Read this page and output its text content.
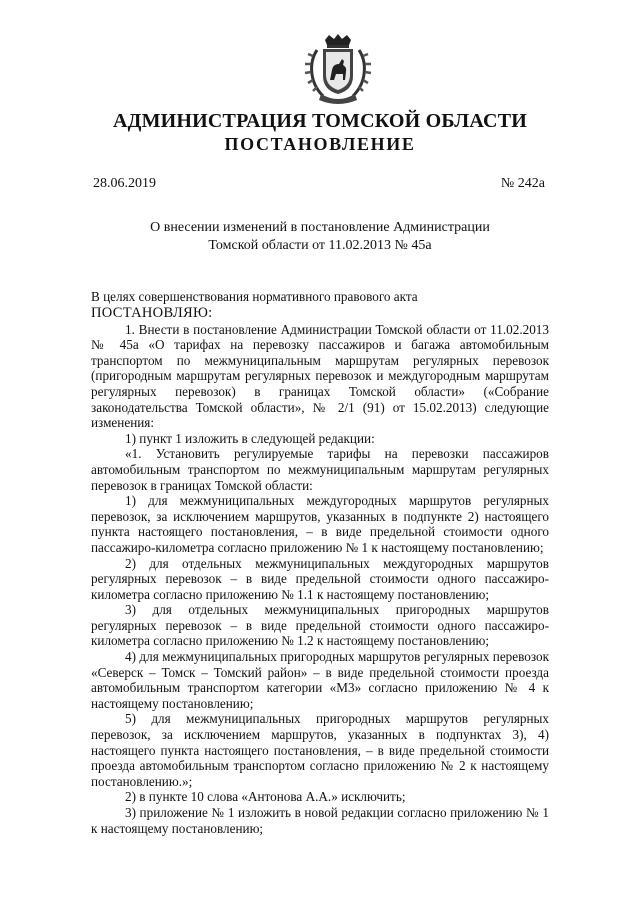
АДМИНИСТРАЦИЯ ТОМСКОЙ ОБЛАСТИ
ПОСТАНОВЛЕНИЕ
28.06.2019	№ 242а
О внесении изменений в постановление Администрации
Томской области от 11.02.2013 № 45а

В целях совершенствования нормативного правового акта

ПОСТАНОВЛЯЮ:

1. Внести в постановление Администрации Томской области от 11.02.2013 № 45а «О тарифах на перевозку пассажиров и багажа автомобильным транспортом по межмуниципальным маршрутам регулярных перевозок (пригородным маршрутам регулярных перевозок и междугородным маршрутам регулярных перевозок) в границах Томской области» («Собрание законодательства Томской области», № 2/1 (91) от 15.02.2013) следующие изменения:

1) пункт 1 изложить в следующей редакции:

«1. Установить регулируемые тарифы на перевозки пассажиров автомобильным транспортом по межмуниципальным маршрутам регулярных перевозок в границах Томской области:

1) для межмуниципальных междугородных маршрутов регулярных перевозок, за исключением маршрутов, указанных в подпункте 2) настоящего пункта настоящего постановления, – в виде предельной стоимости одного пассажиро-километра согласно приложению № 1 к настоящему постановлению;

2) для отдельных межмуниципальных междугородных маршрутов регулярных перевозок – в виде предельной стоимости одного пассажиро-километра согласно приложению № 1.1 к настоящему постановлению;

3) для отдельных межмуниципальных пригородных маршрутов регулярных перевозок – в виде предельной стоимости одного пассажиро-километра согласно приложению № 1.2 к настоящему постановлению;

4) для межмуниципальных пригородных маршрутов регулярных перевозок «Северск – Томск – Томский район» – в виде предельной стоимости проезда автомобильным транспортом категории «М3» согласно приложению № 4 к настоящему постановлению;

5) для межмуниципальных пригородных маршрутов регулярных перевозок, за исключением маршрутов, указанных в подпунктах 3), 4) настоящего пункта настоящего постановления, – в виде предельной стоимости проезда автомобильным транспортом согласно приложению № 2 к настоящему постановлению.»;

2) в пункте 10 слова «Антонова А.А.» исключить;

3) приложение № 1 изложить в новой редакции согласно приложению № 1 к настоящему постановлению;
